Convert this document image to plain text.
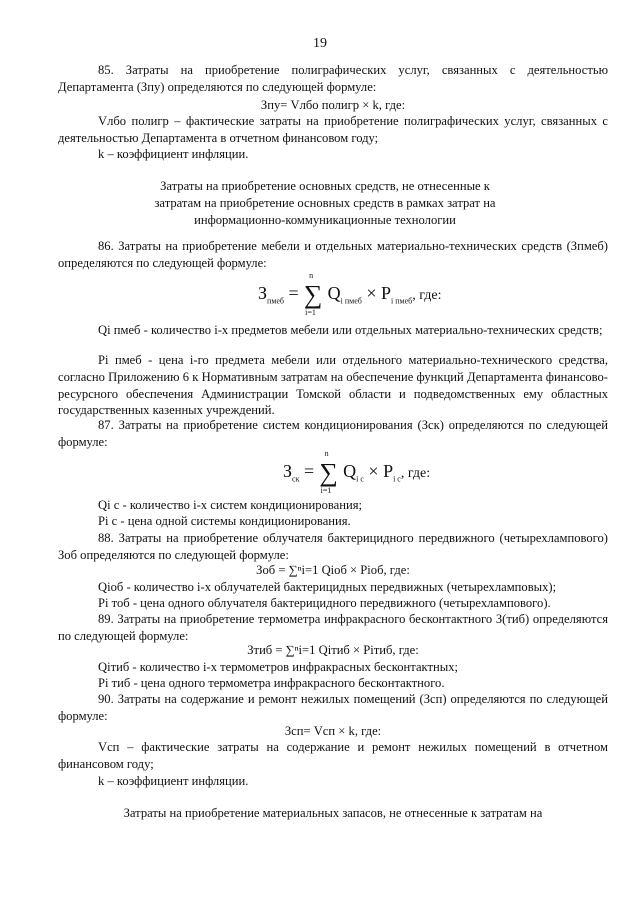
19
85. Затраты на приобретение полиграфических услуг, связанных с деятельностью Департамента (Зпу) определяются по следующей формуле:
Зпу= Vлбо полигр × k, где:
Vлбо полигр – фактические затраты на приобретение полиграфических услуг, связанных с деятельностью Департамента в отчетном финансовом году;
k – коэффициент инфляции.
Затраты на приобретение основных средств, не отнесенные к затратам на приобретение основных средств в рамках затрат на информационно-коммуникационные технологии
86. Затраты на приобретение мебели и отдельных материально-технических средств (Зпмеб) определяются по следующей формуле:
$З_{пмеб}$ = ∑
n
i=1
$Q_{i пмеб} \times P_{i пмеб}$, где:
Qi пмеб - количество i-х предметов мебели или отдельных материально-технических средств;
Pi пмеб - цена i-го предмета мебели или отдельного материально-технического средства, согласно Приложению 6 к Нормативным затратам на обеспечение функций Департамента финансово-ресурсного обеспечения Администрации Томской области и подведомственных ему областных государственных казенных учреждений.
87. Затраты на приобретение систем кондиционирования (Зск) определяются по следующей формуле:
$З_{ск}$ = ∑
n
i=1
$Q_{i с} \times P_{i с}$, где:
Qi с - количество i-х систем кондиционирования;
Pi с - цена одной системы кондиционирования.
88. Затраты на приобретение облучателя бактерицидного передвижного (четырехлампового) Зоб определяются по следующей формуле:
Зоб = ∑ⁿi=1 Qiоб × Pioб, где:
Qiоб - количество i-х облучателей бактерицидных передвижных (четырехламповых);
Pi тоб - цена одного облучателя бактерицидного передвижного (четырехлампового).
89. Затраты на приобретение термометра инфракрасного бесконтактного З(тиб) определяются по следующей формуле:
Зтиб = ∑ⁿi=1 Qiтиб × Piтиб, где:
Qiтиб - количество i-х термометров инфракрасных бесконтактных;
Pi тиб - цена одного термометра инфракрасного бесконтактного.
90. Затраты на содержание и ремонт нежилых помещений (Зсп) определяются по следующей формуле:
Зсп= Vсп × k, где:
Vсп – фактические затраты на содержание и ремонт нежилых помещений в отчетном финансовом году;
k – коэффициент инфляции.
Затраты на приобретение материальных запасов, не отнесенные к затратам на
